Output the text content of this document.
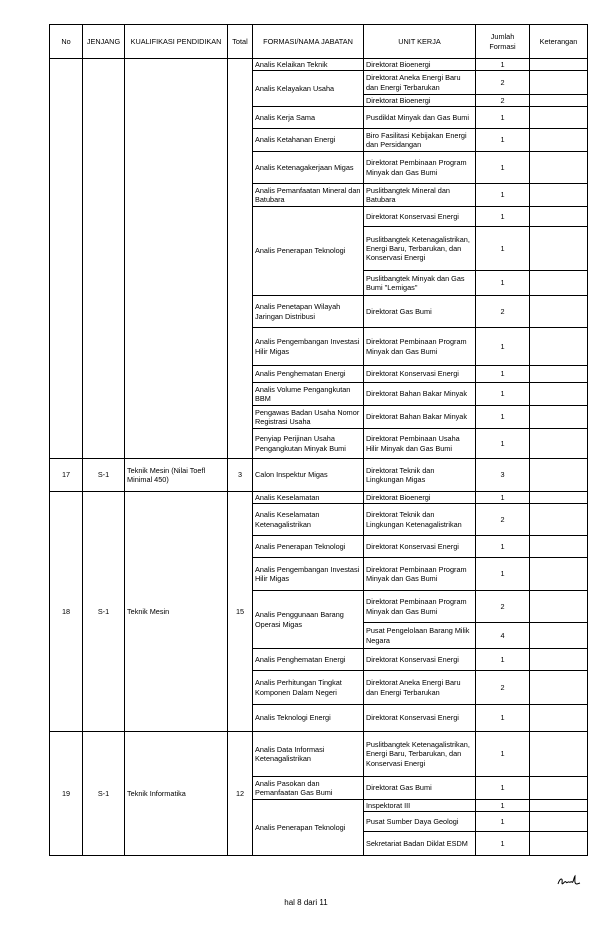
No	JENJANG	KUALIFIKASI PENDIDIKAN	Total	FORMASI/NAMA JABATAN	UNIT KERJA	Jumlah Formasi	Keterangan
				Analis Kelaikan Teknik	Direktorat Bioenergi	1	
				Analis Kelayakan Usaha	Direktorat Aneka Energi Baru dan Energi Terbarukan	2	
					Direktorat Bioenergi	2	
				Analis Kerja Sama	Pusdiklat Minyak dan Gas Bumi	1	
				Analis Ketahanan Energi	Biro Fasilitasi Kebijakan Energi dan Persidangan	1	
				Analis Ketenagakerjaan Migas	Direktorat Pembinaan Program Minyak dan Gas Bumi	1	
				Analis Pemanfaatan Mineral dan Batubara	Puslitbangtek Mineral dan Batubara	1	
				Analis Penerapan Teknologi	Direktorat Konservasi Energi	1	
					Puslitbangtek Ketenagalistrikan, Energi Baru, Terbarukan, dan Konservasi Energi	1	
					Puslitbangtek Minyak dan Gas Bumi "Lemigas"	1	
				Analis Penetapan Wilayah Jaringan Distribusi	Direktorat Gas Bumi	2	
				Analis Pengembangan Investasi Hilir Migas	Direktorat Pembinaan Program Minyak dan Gas Bumi	1	
				Analis Penghematan Energi	Direktorat Konservasi Energi	1	
				Analis Volume Pengangkutan BBM	Direktorat Bahan Bakar Minyak	1	
				Pengawas Badan Usaha Nomor Registrasi Usaha	Direktorat Bahan Bakar Minyak	1	
				Penyiap Perijinan Usaha Pengangkutan Minyak Bumi	Direktorat Pembinaan Usaha Hilir Minyak dan Gas Bumi	1	
17	S-1	Teknik Mesin (Nilai Toefl Minimal 450)	3	Calon Inspektur Migas	Direktorat Teknik dan Lingkungan Migas	3	
18	S-1	Teknik Mesin	15	Analis Keselamatan	Direktorat Bioenergi	1	
				Analis Keselamatan Ketenagalistrikan	Direktorat Teknik dan Lingkungan Ketenagalistrikan	2	
				Analis Penerapan Teknologi	Direktorat Konservasi Energi	1	
				Analis Pengembangan Investasi Hilir Migas	Direktorat Pembinaan Program Minyak dan Gas Bumi	1	
				Analis Penggunaan Barang Operasi Migas	Direktorat Pembinaan Program Minyak dan Gas Bumi	2	
					Pusat Pengelolaan Barang Milik Negara	4	
				Analis Penghematan Energi	Direktorat Konservasi Energi	1	
				Analis Perhitungan Tingkat Komponen Dalam Negeri	Direktorat Aneka Energi Baru dan Energi Terbarukan	2	
				Analis Teknologi Energi	Direktorat Konservasi Energi	1	
19	S-1	Teknik Informatika	12	Analis Data Informasi Ketenagalistrikan	Puslitbangtek Ketenagalistrikan, Energi Baru, Terbarukan, dan Konservasi Energi	1	
				Analis Pasokan dan Pemanfaatan Gas Bumi	Direktorat Gas Bumi	1	
				Analis Penerapan Teknologi	Inspektorat III	1	
					Pusat Sumber Daya Geologi	1	
					Sekretariat Badan Diklat ESDM	1	
hal 8 dari 11
